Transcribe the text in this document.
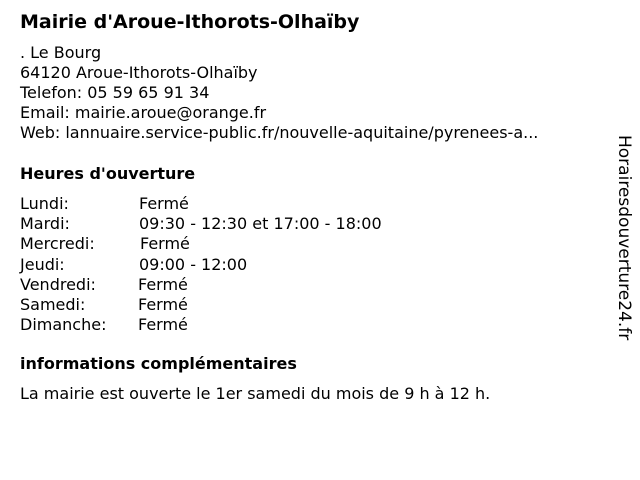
Mairie d'Aroue-Ithorots-Olhaïby
. Le Bourg
64120 Aroue-Ithorots-Olhaïby
Telefon: 05 59 65 91 34
Email: mairie.aroue@orange.fr
Web: lannuaire.service-public.fr/nouvelle-aquitaine/pyrenees-a...
Heures d'ouverture
Lundi:	Fermé
Mardi:	09:30 - 12:30 et 17:00 - 18:00
Mercredi:	Fermé
Jeudi:	09:00 - 12:00
Vendredi:	Fermé
Samedi:	Fermé
Dimanche: Fermé
informations complémentaires
La mairie est ouverte le 1er samedi du mois de 9 h à 12 h.
Horairesdouverture24.fr
